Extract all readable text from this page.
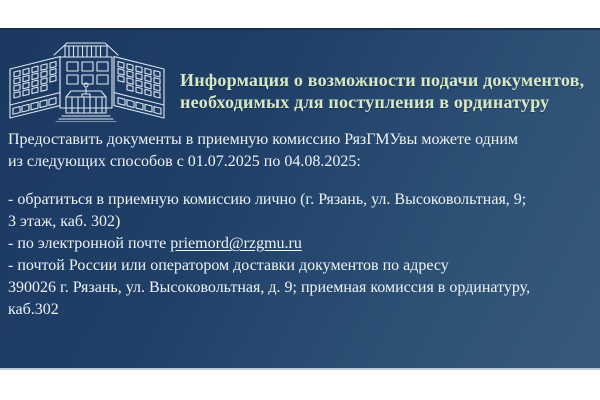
Информация о возможности подачи документов,
необходимых для поступления в ординатуру
Предоставить документы в приемную комиссию РязГМУвы можете одним
из следующих способов с 01.07.2025 по 04.08.2025:
- обратиться в приемную комиссию лично (г. Рязань, ул. Высоковольтная, 9;
3 этаж, каб. 302)
- по электронной почте priemord@rzgmu.ru
- почтой России или оператором доставки документов по адресу
390026 г. Рязань, ул. Высоковольтная, д. 9; приемная комиссия в ординатуру,
каб.302
